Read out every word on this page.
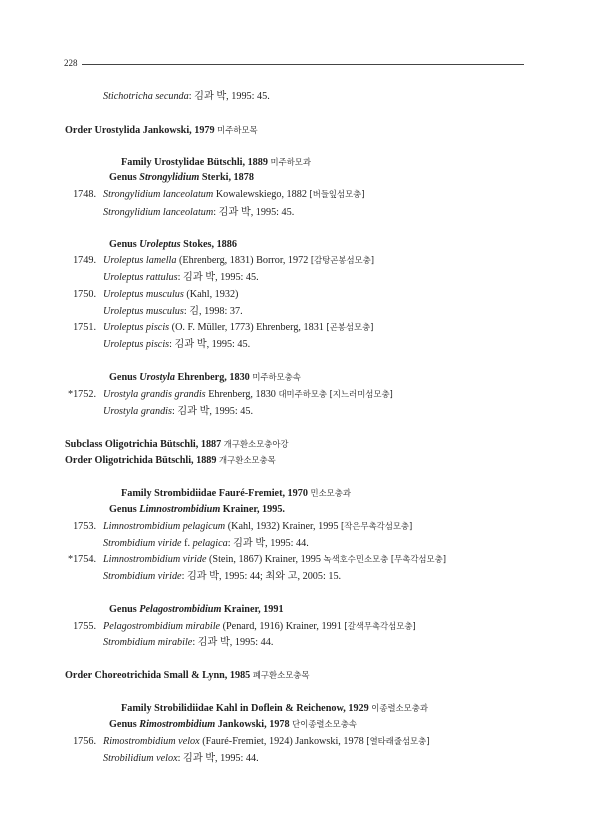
228
Stichotricha secunda: 김과 박, 1995: 45.
Order Urostylida Jankowski, 1979 미주하모목
Family Urostylidae Bütschli, 1889 미주하모과
Genus Strongylidium Sterki, 1878
1748. Strongylidium lanceolatum Kowalewskiego, 1882 [버들잎섬모충]
Strongylidium lanceolatum: 김과 박, 1995: 45.
Genus Uroleptus Stokes, 1886
1749. Uroleptus lamella (Ehrenberg, 1831) Borror, 1972 [감탕곤봉섬모충]
Uroleptus rattulus: 김과 박, 1995: 45.
1750. Uroleptus musculus (Kahl, 1932)
Uroleptus musculus: 김, 1998: 37.
1751. Uroleptus piscis (O. F. Müller, 1773) Ehrenberg, 1831 [곤봉섬모충]
Uroleptus piscis: 김과 박, 1995: 45.
Genus Urostyla Ehrenberg, 1830 미주하모충속
*1752. Urostyla grandis grandis Ehrenberg, 1830 대미주하모충 [지느러미섬모충]
Urostyla grandis: 김과 박, 1995: 45.
Subclass Oligotrichia Bütschli, 1887 개구환소모충아강
Order Oligotrichida Bütschli, 1889 개구환소모충목
Family Strombidiidae Fauré-Fremiet, 1970 민소모충과
Genus Limnostrombidium Krainer, 1995.
1753. Limnostrombidium pelagicum (Kahl, 1932) Krainer, 1995 [작은무촉각섬모충]
Strombidium viride f. pelagica: 김과 박, 1995: 44.
*1754. Limnostrombidium viride (Stein, 1867) Krainer, 1995 녹색호수민소모충 [무촉각섬모충]
Strombidium viride: 김과 박, 1995: 44; 최와 고, 2005: 15.
Genus Pelagostrombidium Krainer, 1991
1755. Pelagostrombidium mirabile (Penard, 1916) Krainer, 1991 [갈색무촉각섬모충]
Strombidium mirabile: 김과 박, 1995: 44.
Order Choreotrichida Small & Lynn, 1985 폐구환소모충목
Family Strobilidiidae Kahl in Doflein & Reichenow, 1929 이종렬소모충과
Genus Rimostrombidium Jankowski, 1978 단이종렬소모충속
1756. Rimostrombidium velox (Fauré-Fremiet, 1924) Jankowski, 1978 [열타래줄섬모충]
Strobilidium velox: 김과 박, 1995: 44.
